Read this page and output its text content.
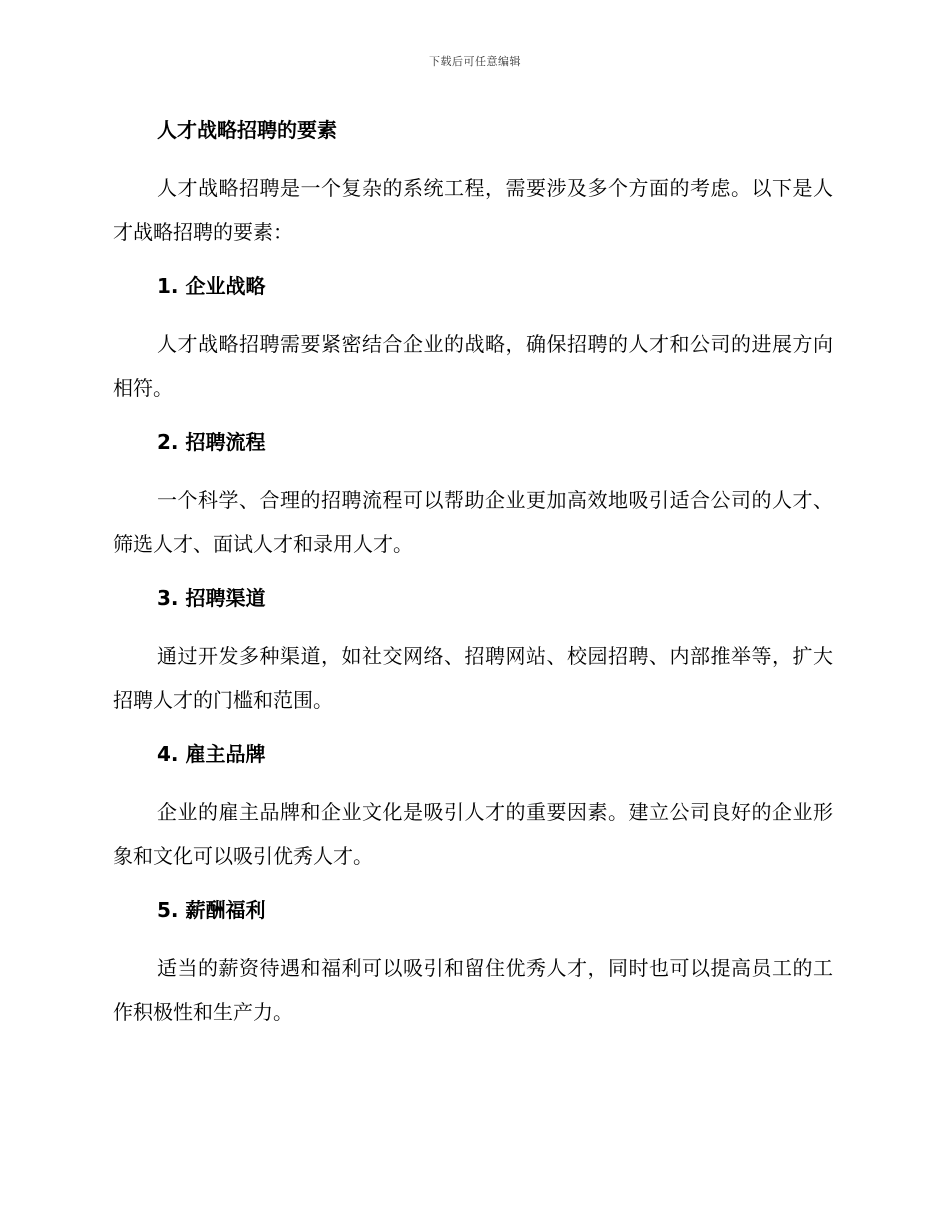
下载后可任意编辑
人才战略招聘的要素

人才战略招聘是一个复杂的系统工程，需要涉及多个方面的考虑。以下是人才战略招聘的要素：

1. 企业战略

人才战略招聘需要紧密结合企业的战略，确保招聘的人才和公司的进展方向相符。

2. 招聘流程

一个科学、合理的招聘流程可以帮助企业更加高效地吸引适合公司的人才、筛选人才、面试人才和录用人才。

3. 招聘渠道

通过开发多种渠道，如社交网络、招聘网站、校园招聘、内部推举等，扩大招聘人才的门槛和范围。

4. 雇主品牌

企业的雇主品牌和企业文化是吸引人才的重要因素。建立公司良好的企业形象和文化可以吸引优秀人才。

5. 薪酬福利

适当的薪资待遇和福利可以吸引和留住优秀人才，同时也可以提高员工的工作积极性和生产力。
